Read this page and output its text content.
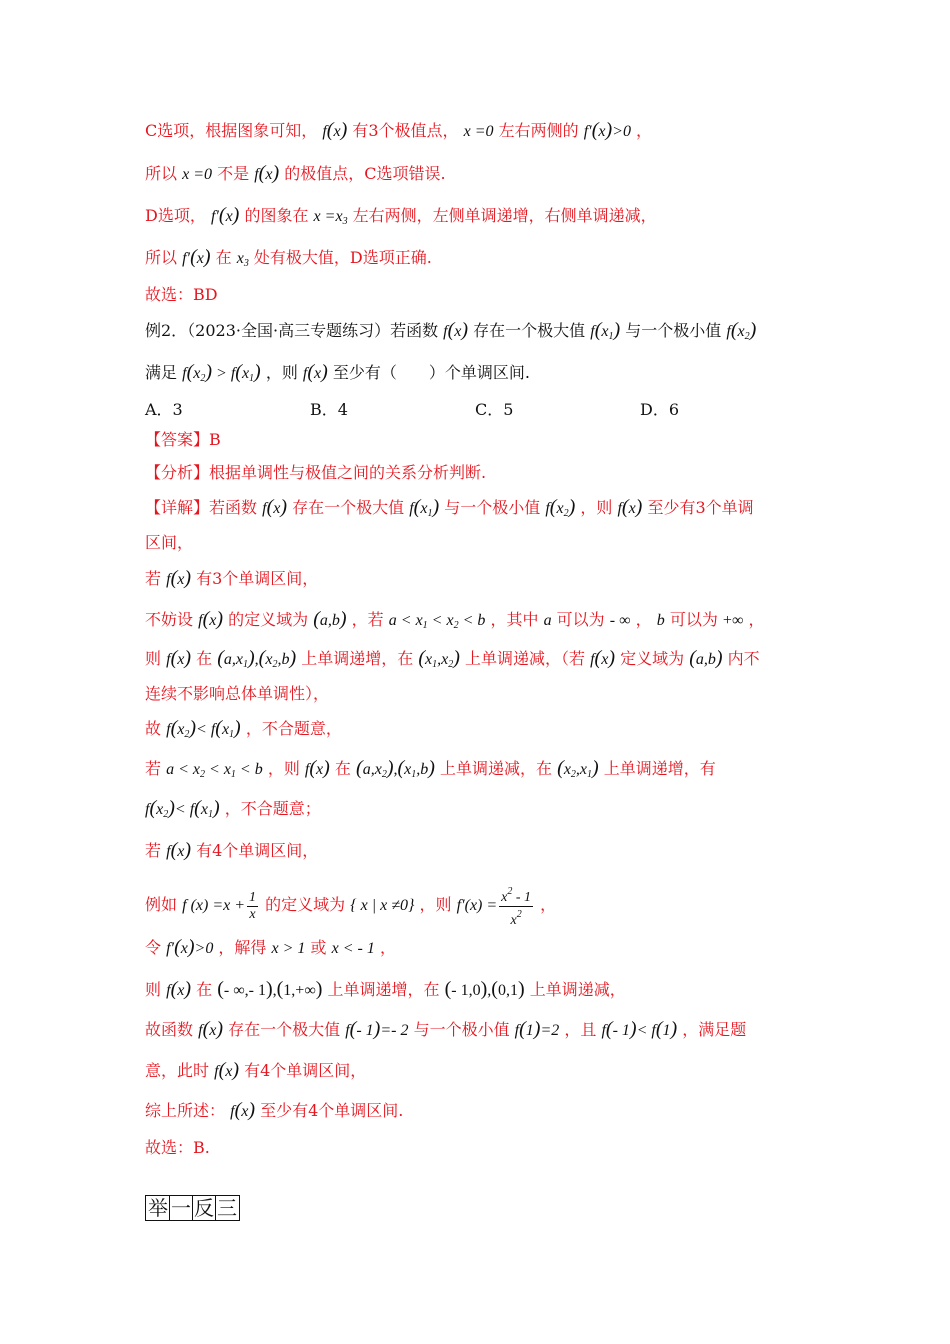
C选项，根据图象可知， f(x) 有3个极值点， x =0 左右两侧的 f′(x)>0 ，
所以 x =0 不是 f(x) 的极值点，C选项错误.
D选项， f′(x) 的图象在 $x =x_3$ 左右两侧，左侧单调递增，右侧单调递减，
所以 f′(x) 在 $x_3$ 处有极大值，D选项正确.
故选：BD
例2．（2023·全国·高三专题练习）若函数 f(x) 存在一个极大值 $f(x_1)$ 与一个极小值 $f(x_2)$
满足 $f(x_2) > f(x_1)$ ，则 f(x) 至少有（　　）个单调区间.
A．3	B．4	C．5	D．6
【答案】B
【分析】根据单调性与极值之间的关系分析判断.
【详解】若函数 f(x) 存在一个极大值 $f(x_1)$ 与一个极小值 $f(x_2)$ ，则 f(x) 至少有3个单调
区间，
若 f(x) 有3个单调区间，
不妨设 f(x) 的定义域为 (a,b) ，若 $a < x_1 < x_2 < b$ ，其中 a 可以为 - ∞ ， b 可以为 +∞ ，
则 f(x) 在 $(a,x_1),(x_2,b)$ 上单调递增，在 $(x_1,x_2)$ 上单调递减，（若 f(x) 定义域为 (a,b) 内不
连续不影响总体单调性），
故 $f(x_2)< f(x_1)$ ，不合题意，
若 $a < x_2 < x_1 < b$ ，则 f(x) 在 $(a,x_2),(x_1,b)$ 上单调递减，在 $(x_2,x_1)$ 上单调递增，有
$f(x_2)< f(x_1)$ ，不合题意；
若 f(x) 有4个单调区间，
例如 f $(x) =x + \frac{1}{x}$ 的定义域为 { x | x ≠0} ，则 $f'(x) = \frac{x^2 - 1}{x^2}$ ，
令 f′(x)>0 ，解得 x > 1 或 x < - 1 ，
则 f(x) 在 (- ∞,- 1),(1,+∞) 上单调递增，在 (- 1,0),(0,1) 上单调递减，
故函数 f(x) 存在一个极大值 f(- 1)=- 2 与一个极小值 f(1)=2 ，且 f(- 1)< f(1) ，满足题
意，此时 f(x) 有4个单调区间，
综上所述： f(x) 至少有4个单调区间.
故选：B.
举 一 反 三
